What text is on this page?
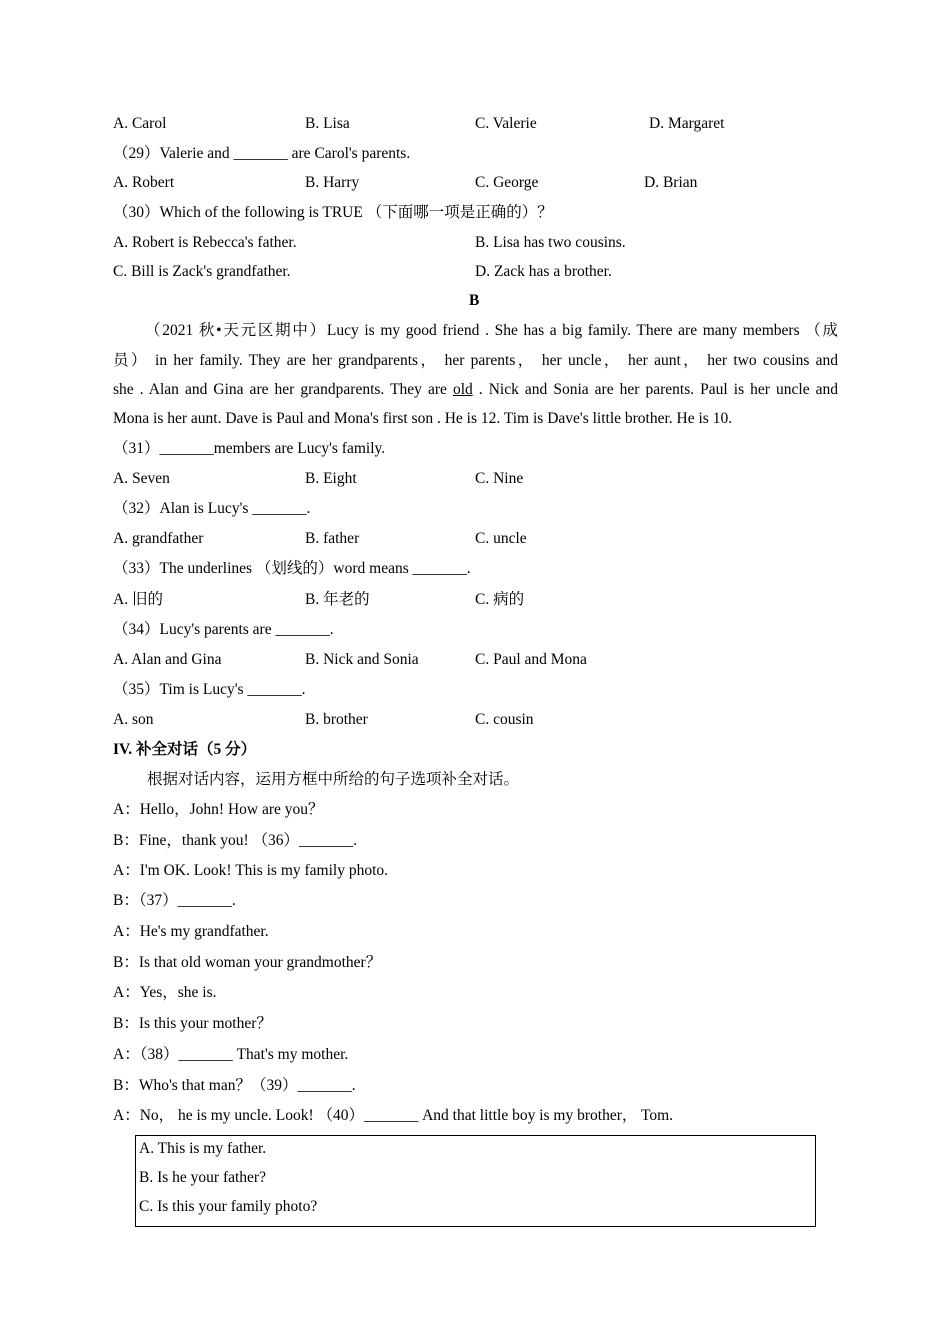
A. Carol	B. Lisa	C. Valerie	D. Margaret
（29）Valerie and _______ are Carol's parents.
A. Robert	B. Harry	C. George	D. Brian
（30）Which of the following is TRUE （下面哪一项是正确的）？
A. Robert is Rebecca's father.	B. Lisa has two cousins.
C. Bill is Zack's grandfather.	D. Zack has a brother.
B
（2021 秋•天元区期中）Lucy is my good friend . She has a big family. There are many members （成
员） in her family. They are her grandparents， her parents， her uncle， her aunt， her two cousins and
she . Alan and Gina are her grandparents. They are old . Nick and Sonia are her parents. Paul is her uncle and
Mona is her aunt. Dave is Paul and Mona's first son . He is 12. Tim is Dave's little brother. He is 10.
（31）_______members are Lucy's family.
A. Seven	B. Eight	C. Nine
（32）Alan is Lucy's _______.
A. grandfather	B. father	C. uncle
（33）The underlines （划线的）word means _______.
A. 旧的	B. 年老的	C. 病的
（34）Lucy's parents are _______.
A. Alan and Gina	B. Nick and Sonia	C. Paul and Mona
（35）Tim is Lucy's _______.
A. son	B. brother	C. cousin
IV. 补全对话（5 分）
根据对话内容，运用方框中所给的句子选项补全对话。
A：Hello，John! How are you？
B：Fine，thank you! （36）_______.
A：I'm OK. Look! This is my family photo.
B：（37）_______.
A：He's my grandfather.
B：Is that old woman your grandmother？
A：Yes，she is.
B：Is this your mother？
A：（38）_______ That's my mother.
B：Who's that man？（39）_______.
A：No， he is my uncle. Look! （40）_______ And that little boy is my brother， Tom.
A. This is my father.
B. Is he your father?
C. Is this your family photo?
